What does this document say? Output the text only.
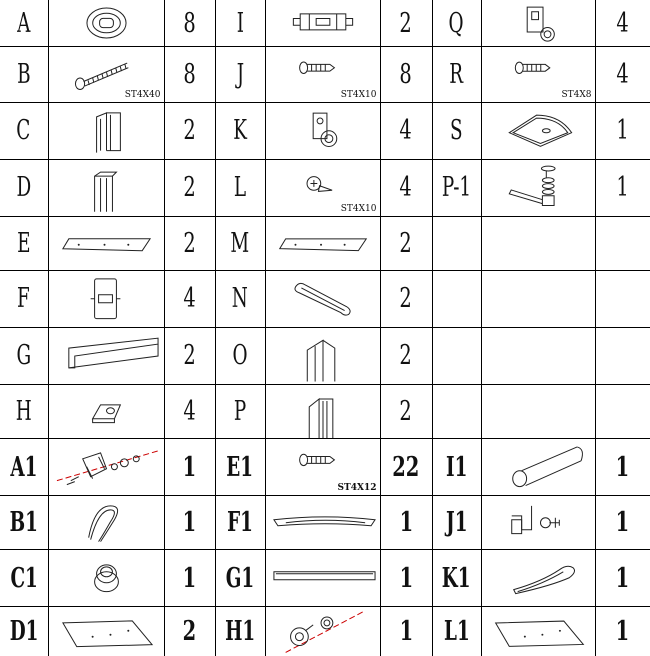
A		8	I		2	Q		4
B	ST4X40	8	J	ST4X10	8	R	ST4X8	4
C		2	K		4	S		1
D		2	L	ST4X10	4	P-1		1
E		2	M		2			
F		4	N		2			
G		2	O		2			
H		4	P		2			
A1		1	E1	ST4X12	22	I1		1
B1		1	F1		1	J1		1
C1		1	G1		1	K1		1
D1		2	H1		1	L1		1
